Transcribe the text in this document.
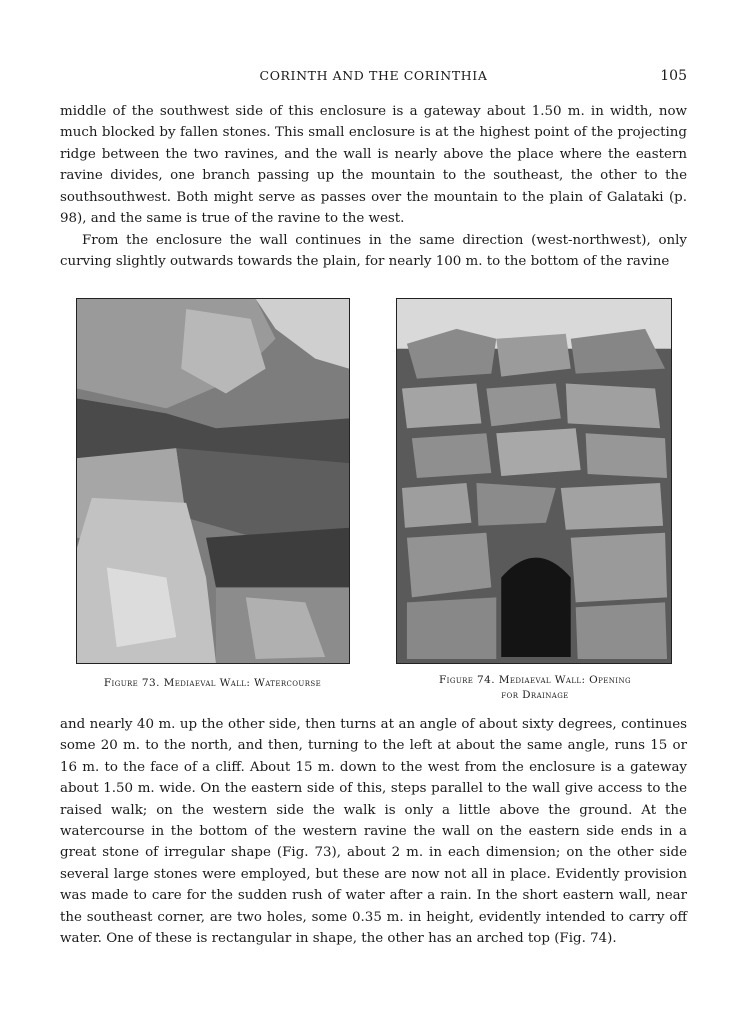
CORINTH AND THE CORINTHIA	105

middle of the southwest side of this enclosure is a gateway about 1.50 m. in width, now much blocked by fallen stones. This small enclosure is at the highest point of the projecting ridge between the two ravines, and the wall is nearly above the place where the eastern ravine divides, one branch passing up the mountain to the southeast, the other to the southsouthwest. Both might serve as passes over the mountain to the plain of Galataki (p. 98), and the same is true of the ravine to the west.

From the enclosure the wall continues in the same direction (west-northwest), only curving slightly outwards towards the plain, for nearly 100 m. to the bottom of the ravine

Figure 73. Mediaeval Wall: Watercourse	Figure 74. Mediaeval Wall: Opening
for Drainage

and nearly 40 m. up the other side, then turns at an angle of about sixty degrees, continues some 20 m. to the north, and then, turning to the left at about the same angle, runs 15 or 16 m. to the face of a cliff. About 15 m. down to the west from the enclosure is a gateway about 1.50 m. wide. On the eastern side of this, steps parallel to the wall give access to the raised walk; on the western side the walk is only a little above the ground. At the watercourse in the bottom of the western ravine the wall on the eastern side ends in a great stone of irregular shape (Fig. 73), about 2 m. in each dimension; on the other side several large stones were employed, but these are now not all in place. Evidently provision was made to care for the sudden rush of water after a rain. In the short eastern wall, near the southeast corner, are two holes, some 0.35 m. in height, evidently intended to carry off water. One of these is rectangular in shape, the other has an arched top (Fig. 74).
